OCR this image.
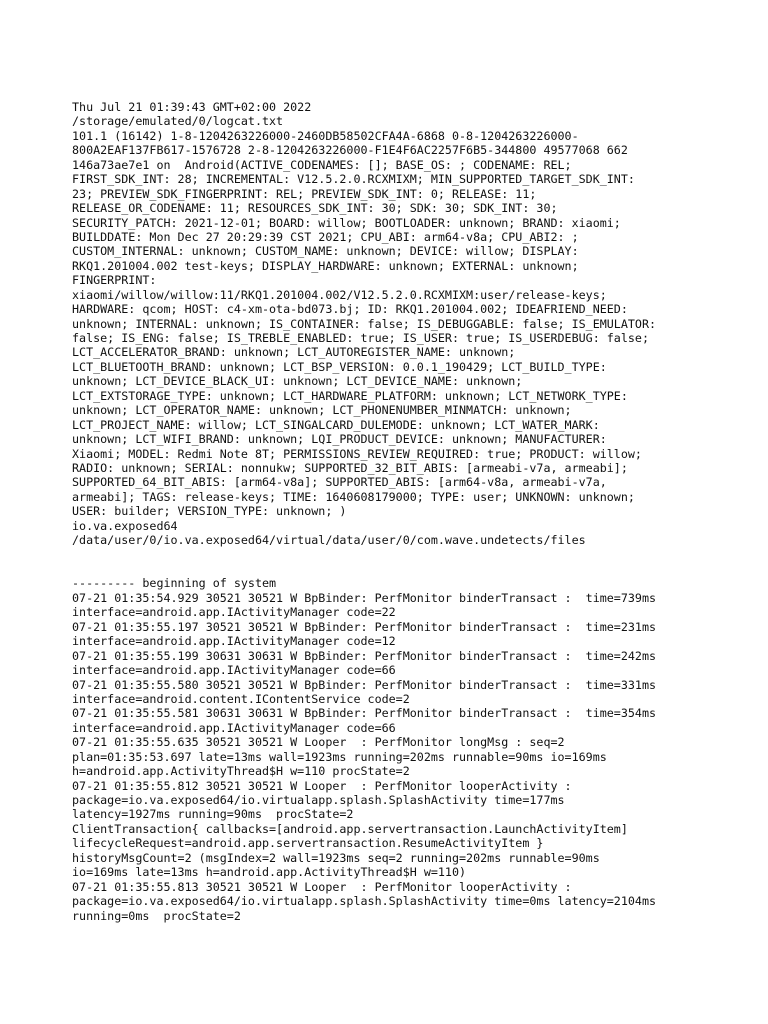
Thu Jul 21 01:39:43 GMT+02:00 2022
/storage/emulated/0/logcat.txt
101.1 (16142) 1-8-1204263226000-2460DB58502CFA4A-6868 0-8-1204263226000-
800A2EAF137FB617-1576728 2-8-1204263226000-F1E4F6AC2257F6B5-344800 49577068 662
146a73ae7e1 on  Android(ACTIVE_CODENAMES: []; BASE_OS: ; CODENAME: REL;
FIRST_SDK_INT: 28; INCREMENTAL: V12.5.2.0.RCXMIXM; MIN_SUPPORTED_TARGET_SDK_INT:
23; PREVIEW_SDK_FINGERPRINT: REL; PREVIEW_SDK_INT: 0; RELEASE: 11;
RELEASE_OR_CODENAME: 11; RESOURCES_SDK_INT: 30; SDK: 30; SDK_INT: 30;
SECURITY_PATCH: 2021-12-01; BOARD: willow; BOOTLOADER: unknown; BRAND: xiaomi;
BUILDDATE: Mon Dec 27 20:29:39 CST 2021; CPU_ABI: arm64-v8a; CPU_ABI2: ;
CUSTOM_INTERNAL: unknown; CUSTOM_NAME: unknown; DEVICE: willow; DISPLAY:
RKQ1.201004.002 test-keys; DISPLAY_HARDWARE: unknown; EXTERNAL: unknown;
FINGERPRINT:
xiaomi/willow/willow:11/RKQ1.201004.002/V12.5.2.0.RCXMIXM:user/release-keys;
HARDWARE: qcom; HOST: c4-xm-ota-bd073.bj; ID: RKQ1.201004.002; IDEAFRIEND_NEED:
unknown; INTERNAL: unknown; IS_CONTAINER: false; IS_DEBUGGABLE: false; IS_EMULATOR:
false; IS_ENG: false; IS_TREBLE_ENABLED: true; IS_USER: true; IS_USERDEBUG: false;
LCT_ACCELERATOR_BRAND: unknown; LCT_AUTOREGISTER_NAME: unknown;
LCT_BLUETOOTH_BRAND: unknown; LCT_BSP_VERSION: 0.0.1_190429; LCT_BUILD_TYPE:
unknown; LCT_DEVICE_BLACK_UI: unknown; LCT_DEVICE_NAME: unknown;
LCT_EXTSTORAGE_TYPE: unknown; LCT_HARDWARE_PLATFORM: unknown; LCT_NETWORK_TYPE:
unknown; LCT_OPERATOR_NAME: unknown; LCT_PHONENUMBER_MINMATCH: unknown;
LCT_PROJECT_NAME: willow; LCT_SINGALCARD_DULEMODE: unknown; LCT_WATER_MARK:
unknown; LCT_WIFI_BRAND: unknown; LQI_PRODUCT_DEVICE: unknown; MANUFACTURER:
Xiaomi; MODEL: Redmi Note 8T; PERMISSIONS_REVIEW_REQUIRED: true; PRODUCT: willow;
RADIO: unknown; SERIAL: nonnukw; SUPPORTED_32_BIT_ABIS: [armeabi-v7a, armeabi];
SUPPORTED_64_BIT_ABIS: [arm64-v8a]; SUPPORTED_ABIS: [arm64-v8a, armeabi-v7a,
armeabi]; TAGS: release-keys; TIME: 1640608179000; TYPE: user; UNKNOWN: unknown;
USER: builder; VERSION_TYPE: unknown; )
io.va.exposed64
/data/user/0/io.va.exposed64/virtual/data/user/0/com.wave.undetects/files
--------- beginning of system
07-21 01:35:54.929 30521 30521 W BpBinder: PerfMonitor binderTransact :  time=739ms
interface=android.app.IActivityManager code=22
07-21 01:35:55.197 30521 30521 W BpBinder: PerfMonitor binderTransact :  time=231ms
interface=android.app.IActivityManager code=12
07-21 01:35:55.199 30631 30631 W BpBinder: PerfMonitor binderTransact :  time=242ms
interface=android.app.IActivityManager code=66
07-21 01:35:55.580 30521 30521 W BpBinder: PerfMonitor binderTransact :  time=331ms
interface=android.content.IContentService code=2
07-21 01:35:55.581 30631 30631 W BpBinder: PerfMonitor binderTransact :  time=354ms
interface=android.app.IActivityManager code=66
07-21 01:35:55.635 30521 30521 W Looper  : PerfMonitor longMsg : seq=2
plan=01:35:53.697 late=13ms wall=1923ms running=202ms runnable=90ms io=169ms
h=android.app.ActivityThread$H w=110 procState=2
07-21 01:35:55.812 30521 30521 W Looper  : PerfMonitor looperActivity :
package=io.va.exposed64/io.virtualapp.splash.SplashActivity time=177ms
latency=1927ms running=90ms  procState=2
ClientTransaction{ callbacks=[android.app.servertransaction.LaunchActivityItem]
lifecycleRequest=android.app.servertransaction.ResumeActivityItem }
historyMsgCount=2 (msgIndex=2 wall=1923ms seq=2 running=202ms runnable=90ms
io=169ms late=13ms h=android.app.ActivityThread$H w=110)
07-21 01:35:55.813 30521 30521 W Looper  : PerfMonitor looperActivity :
package=io.va.exposed64/io.virtualapp.splash.SplashActivity time=0ms latency=2104ms
running=0ms  procState=2
